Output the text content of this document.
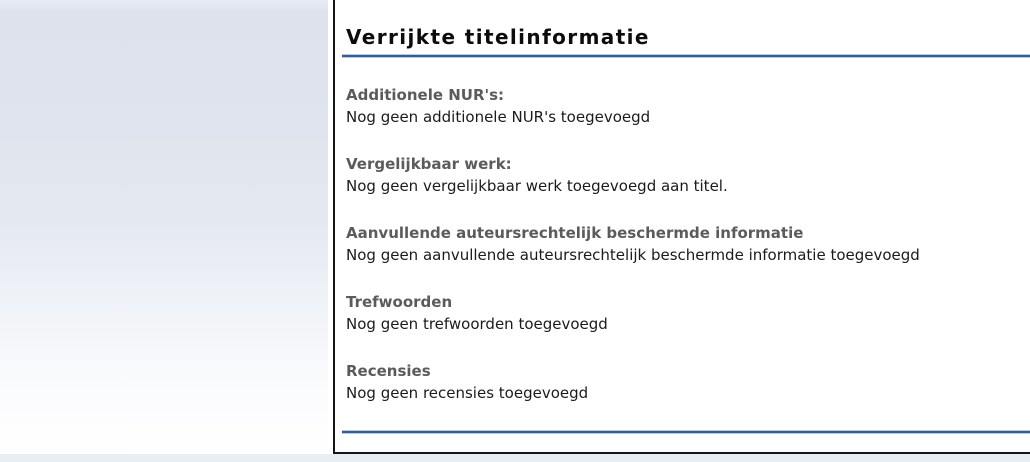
Verrijkte titelinformatie
Additionele NUR's:
Nog geen additionele NUR's toegevoegd
Vergelijkbaar werk:
Nog geen vergelijkbaar werk toegevoegd aan titel.
Aanvullende auteursrechtelijk beschermde informatie
Nog geen aanvullende auteursrechtelijk beschermde informatie toegevoegd
Trefwoorden
Nog geen trefwoorden toegevoegd
Recensies
Nog geen recensies toegevoegd
